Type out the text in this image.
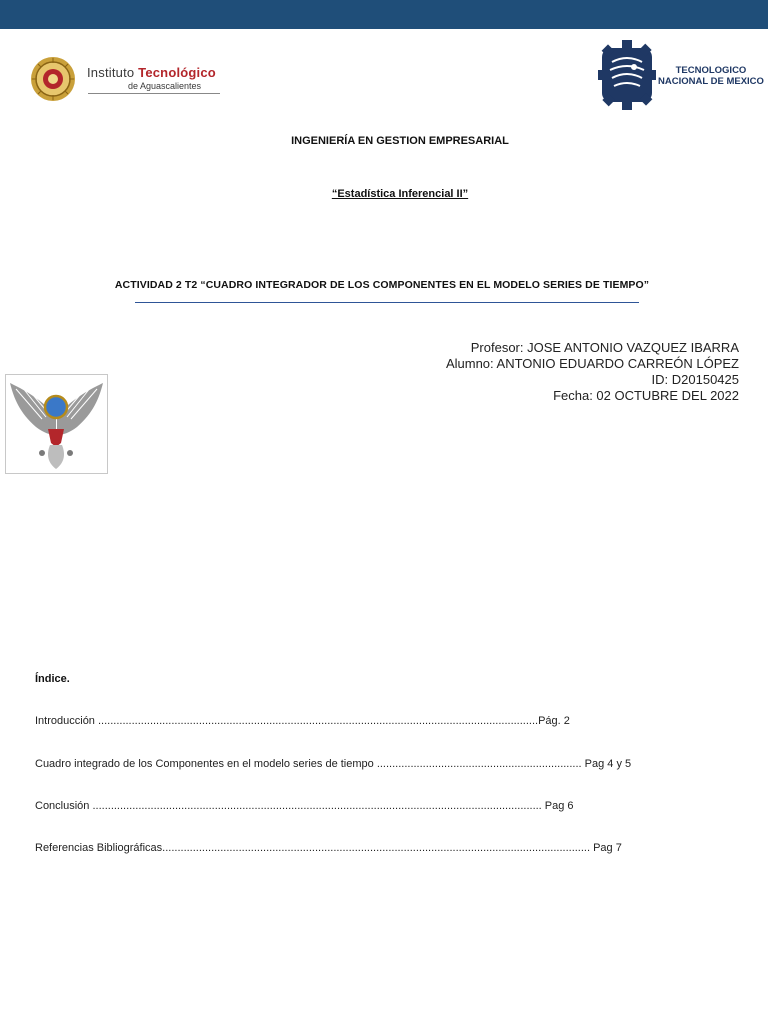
Instituto Tecnológico
de Aguascalientes
TECNOLOGICO
NACIONAL DE MEXICO
INGENIERÍA EN GESTION EMPRESARIAL
“Estadística Inferencial II”
ACTIVIDAD 2 T2 “CUADRO INTEGRADOR DE LOS COMPONENTES EN EL MODELO SERIES DE TIEMPO”
Profesor: JOSE ANTONIO VAZQUEZ IBARRA
Alumno: ANTONIO EDUARDO CARREÓN LÓPEZ
ID: D20150425
Fecha: 02 OCTUBRE DEL 2022
Índice.
Introducción ................................................................................................................................................Pág. 2
Cuadro integrado de los Componentes en el modelo series de tiempo ................................................................... Pag 4 y 5
Conclusión ................................................................................................................................................... Pag 6
Referencias Bibliográficas............................................................................................................................................ Pag 7
